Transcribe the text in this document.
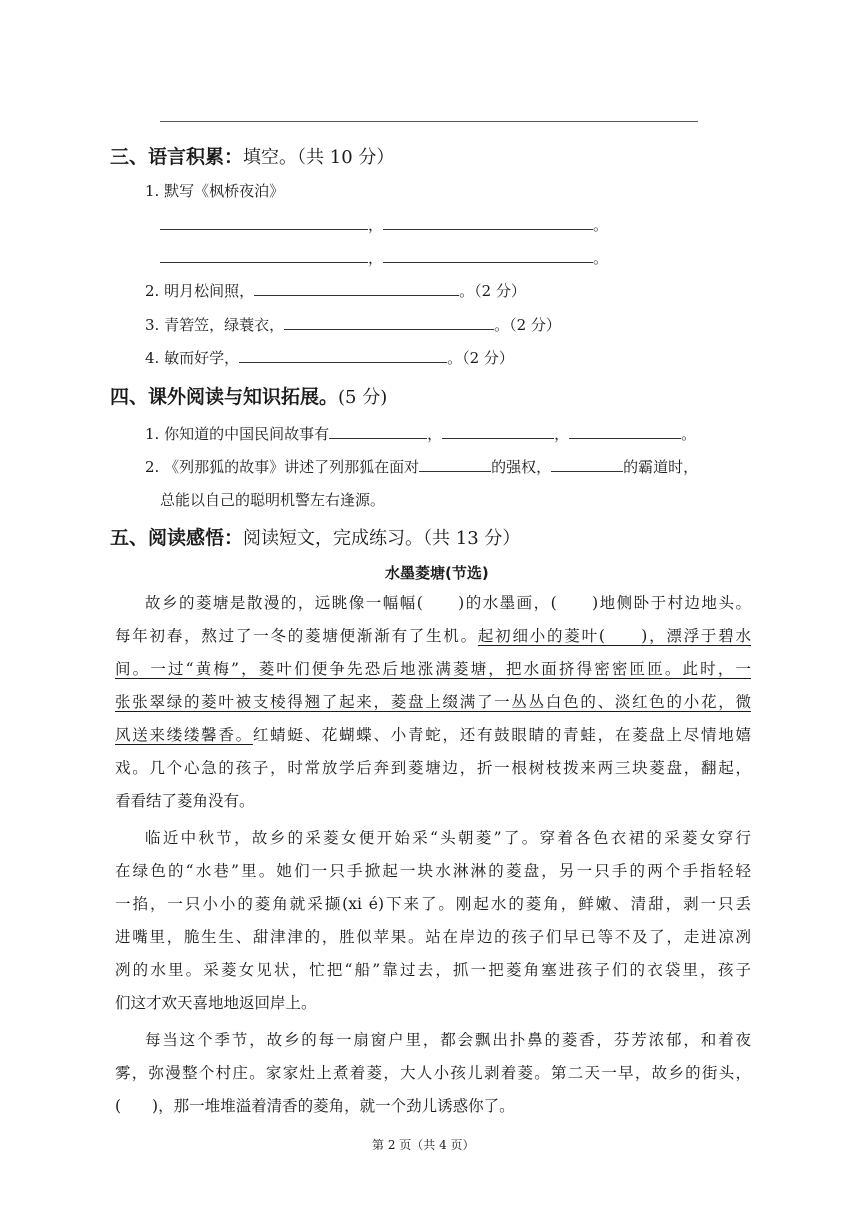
三、语言积累：填空。（共 10 分）
1. 默写《枫桥夜泊》
，	。
，	。
2. 明月松间照，	。（2 分）
3. 青箬笠，绿蓑衣，	。（2 分）
4. 敏而好学，	。（2 分）
四、课外阅读与知识拓展。(5 分)
1. 你知道的中国民间故事有	，	，	。
2. 《列那狐的故事》讲述了列那狐在面对	的强权，	的霸道时，
总能以自己的聪明机警左右逢源。
五、阅读感悟：阅读短文，完成练习。（共 13 分）
水墨菱塘(节选)
故乡的菱塘是散漫的，远眺像一幅幅(　　)的水墨画，(　　)地侧卧于村边地头。
每年初春，熬过了一冬的菱塘便渐渐有了生机。起初细小的菱叶(　　)，漂浮于碧水
间。一过“黄梅”，菱叶们便争先恐后地涨满菱塘，把水面挤得密密匝匝。此时，一
张张翠绿的菱叶被支棱得翘了起来，菱盘上缀满了一丛丛白色的、淡红色的小花，微
风送来缕缕馨香。红蜻蜓、花蝴蝶、小青蛇，还有鼓眼睛的青蛙，在菱盘上尽情地嬉
戏。几个心急的孩子，时常放学后奔到菱塘边，折一根树枝拨来两三块菱盘，翻起，
看看结了菱角没有。
临近中秋节，故乡的采菱女便开始采“头朝菱”了。穿着各色衣裙的采菱女穿行
在绿色的“水巷”里。她们一只手掀起一块水淋淋的菱盘，另一只手的两个手指轻轻
一掐，一只小小的菱角就采撷(xi é)下来了。刚起水的菱角，鲜嫩、清甜，剥一只丢
进嘴里，脆生生、甜津津的，胜似苹果。站在岸边的孩子们早已等不及了，走进凉冽
冽的水里。采菱女见状，忙把“船”靠过去，抓一把菱角塞进孩子们的衣袋里，孩子
们这才欢天喜地地返回岸上。
每当这个季节，故乡的每一扇窗户里，都会飘出扑鼻的菱香，芬芳浓郁，和着夜
雾，弥漫整个村庄。家家灶上煮着菱，大人小孩儿剥着菱。第二天一早，故乡的街头，
(　　)，那一堆堆溢着清香的菱角，就一个劲儿诱惑你了。
第 2 页（共 4 页）
